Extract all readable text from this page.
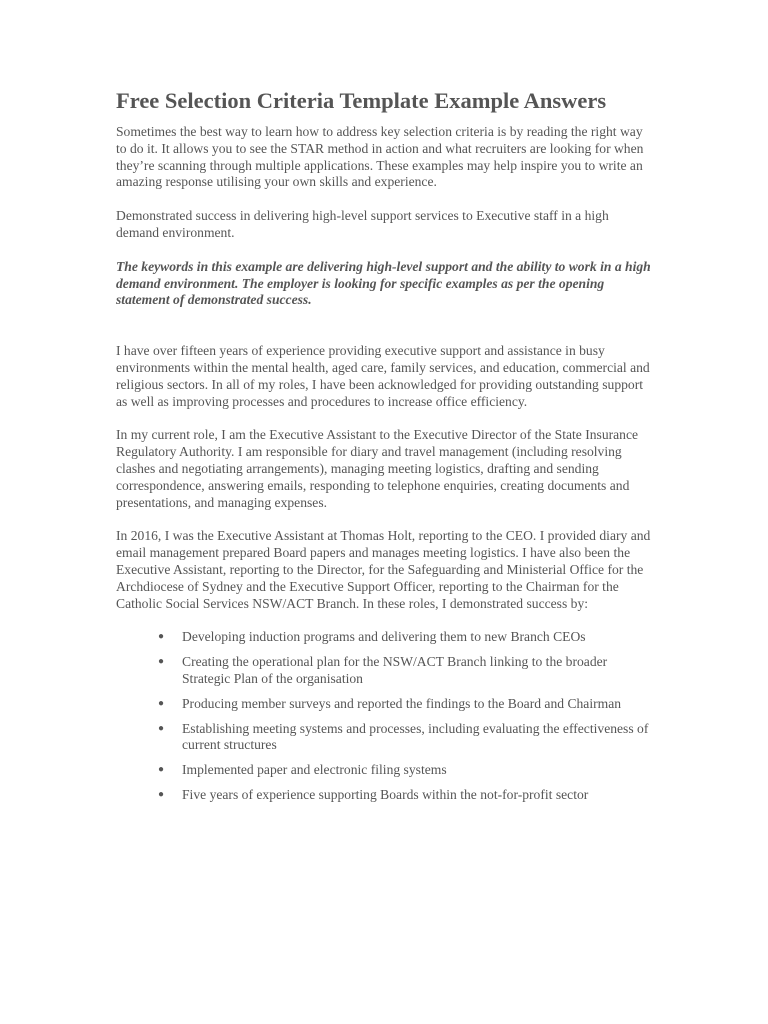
Free Selection Criteria Template Example Answers

Sometimes the best way to learn how to address key selection criteria is by reading the right way to do it. It allows you to see the STAR method in action and what recruiters are looking for when they’re scanning through multiple applications. These examples may help inspire you to write an amazing response utilising your own skills and experience.

Demonstrated success in delivering high-level support services to Executive staff in a high demand environment.

The keywords in this example are delivering high-level support and the ability to work in a high demand environment. The employer is looking for specific examples as per the opening statement of demonstrated success.

I have over fifteen years of experience providing executive support and assistance in busy environments within the mental health, aged care, family services, and education, commercial and religious sectors. In all of my roles, I have been acknowledged for providing outstanding support as well as improving processes and procedures to increase office efficiency.

In my current role, I am the Executive Assistant to the Executive Director of the State Insurance Regulatory Authority. I am responsible for diary and travel management (including resolving clashes and negotiating arrangements), managing meeting logistics, drafting and sending correspondence, answering emails, responding to telephone enquiries, creating documents and presentations, and managing expenses.

In 2016, I was the Executive Assistant at Thomas Holt, reporting to the CEO. I provided diary and email management prepared Board papers and manages meeting logistics. I have also been the Executive Assistant, reporting to the Director, for the Safeguarding and Ministerial Office for the Archdiocese of Sydney and the Executive Support Officer, reporting to the Chairman for the Catholic Social Services NSW/ACT Branch. In these roles, I demonstrated success by:

● Developing induction programs and delivering them to new Branch CEOs
● Creating the operational plan for the NSW/ACT Branch linking to the broader Strategic Plan of the organisation
● Producing member surveys and reported the findings to the Board and Chairman
● Establishing meeting systems and processes, including evaluating the effectiveness of current structures
● Implemented paper and electronic filing systems
● Five years of experience supporting Boards within the not-for-profit sector
